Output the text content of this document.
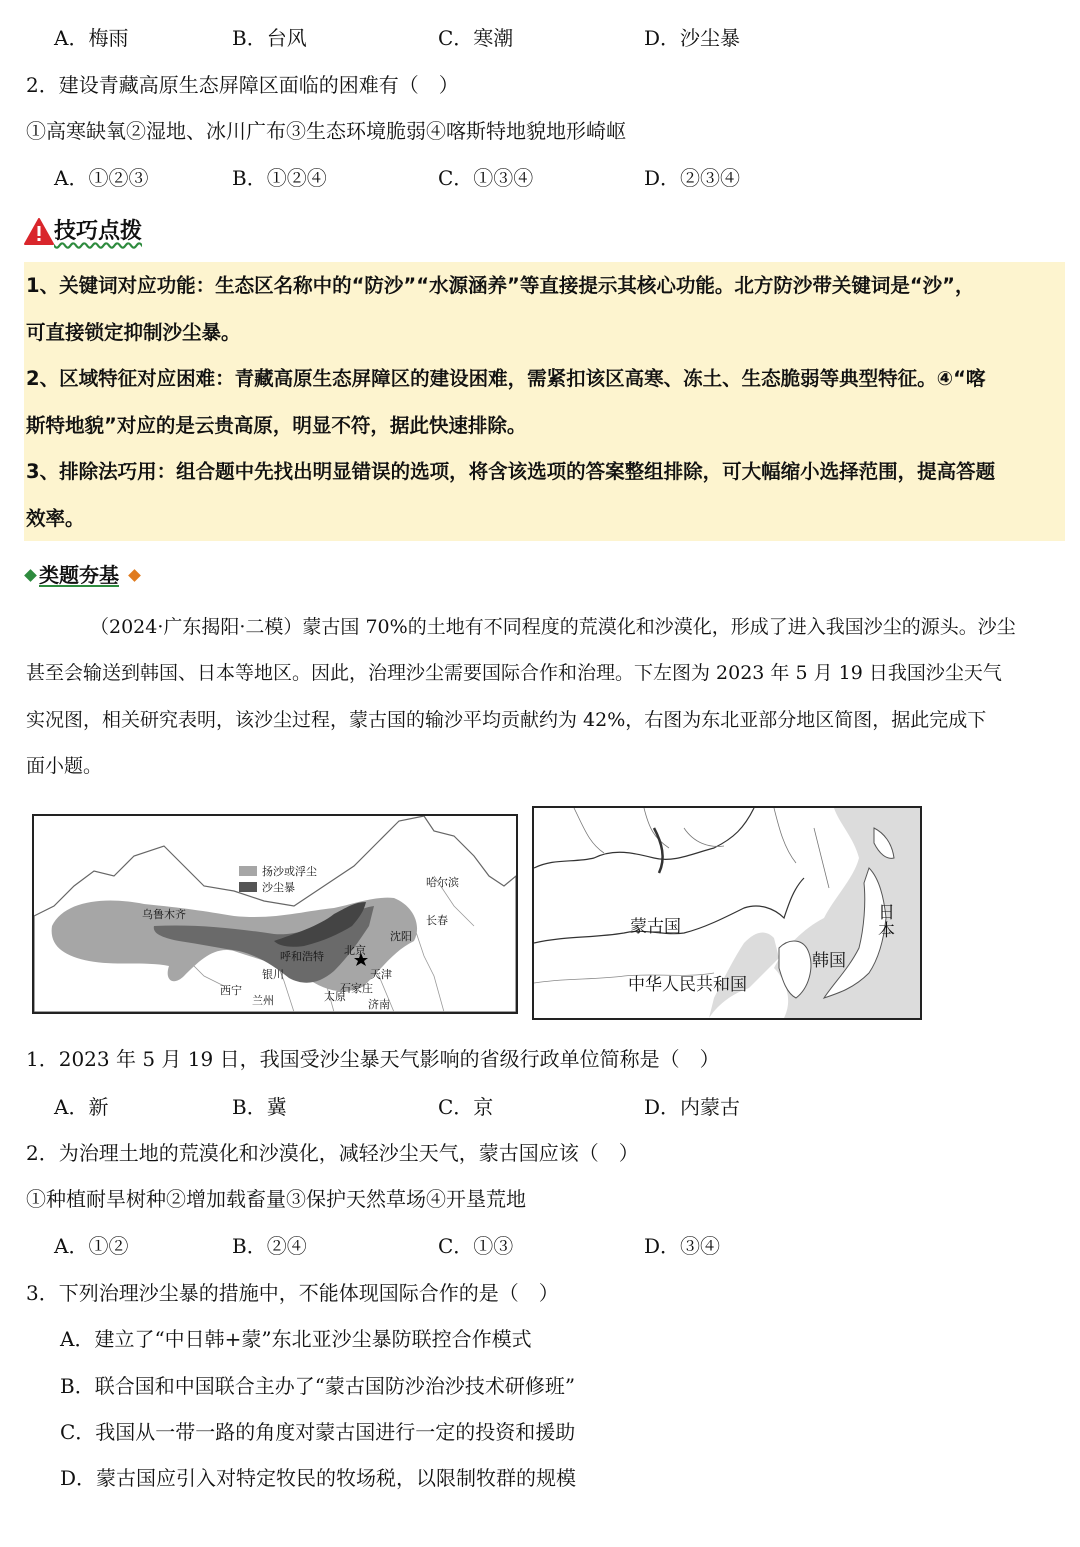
A．梅雨	B．台风	C．寒潮	D．沙尘暴
2．建设青藏高原生态屏障区面临的困难有（　）
①高寒缺氧②湿地、冰川广布③生态环境脆弱④喀斯特地貌地形崎岖
A．①②③	B．①②④	C．①③④	D．②③④
技巧点拨
1、关键词对应功能：生态区名称中的“防沙”“水源涵养”等直接提示其核心功能。北方防沙带关键词是“沙”，
可直接锁定抑制沙尘暴。
2、区域特征对应困难：青藏高原生态屏障区的建设困难，需紧扣该区高寒、冻土、生态脆弱等典型特征。④“喀
斯特地貌”对应的是云贵高原，明显不符，据此快速排除。
3、排除法巧用：组合题中先找出明显错误的选项，将含该选项的答案整组排除，可大幅缩小选择范围，提高答题
效率。
类题夯基
（2024·广东揭阳·二模）蒙古国 70%的土地有不同程度的荒漠化和沙漠化，形成了进入我国沙尘的源头。沙尘
甚至会输送到韩国、日本等地区。因此，治理沙尘需要国际合作和治理。下左图为 2023 年 5 月 19 日我国沙尘天气
实况图，相关研究表明，该沙尘过程，蒙古国的输沙平均贡献约为 42%，右图为东北亚部分地区简图，据此完成下
面小题。
扬沙或浮尘
沙尘暴
乌鲁木齐
哈尔滨
长春
沈阳
呼和浩特 北京
天津
银川
石家庄
济南
太原
西宁
兰州
蒙古国
中华人民共和国
韩国
日本
1．2023 年 5 月 19 日，我国受沙尘暴天气影响的省级行政单位简称是（　）
A．新	B．冀	C．京	D．内蒙古
2．为治理土地的荒漠化和沙漠化，减轻沙尘天气，蒙古国应该（　）
①种植耐旱树种②增加载畜量③保护天然草场④开垦荒地
A．①②	B．②④	C．①③	D．③④
3．下列治理沙尘暴的措施中，不能体现国际合作的是（　）
A．建立了“中日韩+蒙”东北亚沙尘暴防联控合作模式
B．联合国和中国联合主办了“蒙古国防沙治沙技术研修班”
C．我国从一带一路的角度对蒙古国进行一定的投资和援助
D．蒙古国应引入对特定牧民的牧场税，以限制牧群的规模
